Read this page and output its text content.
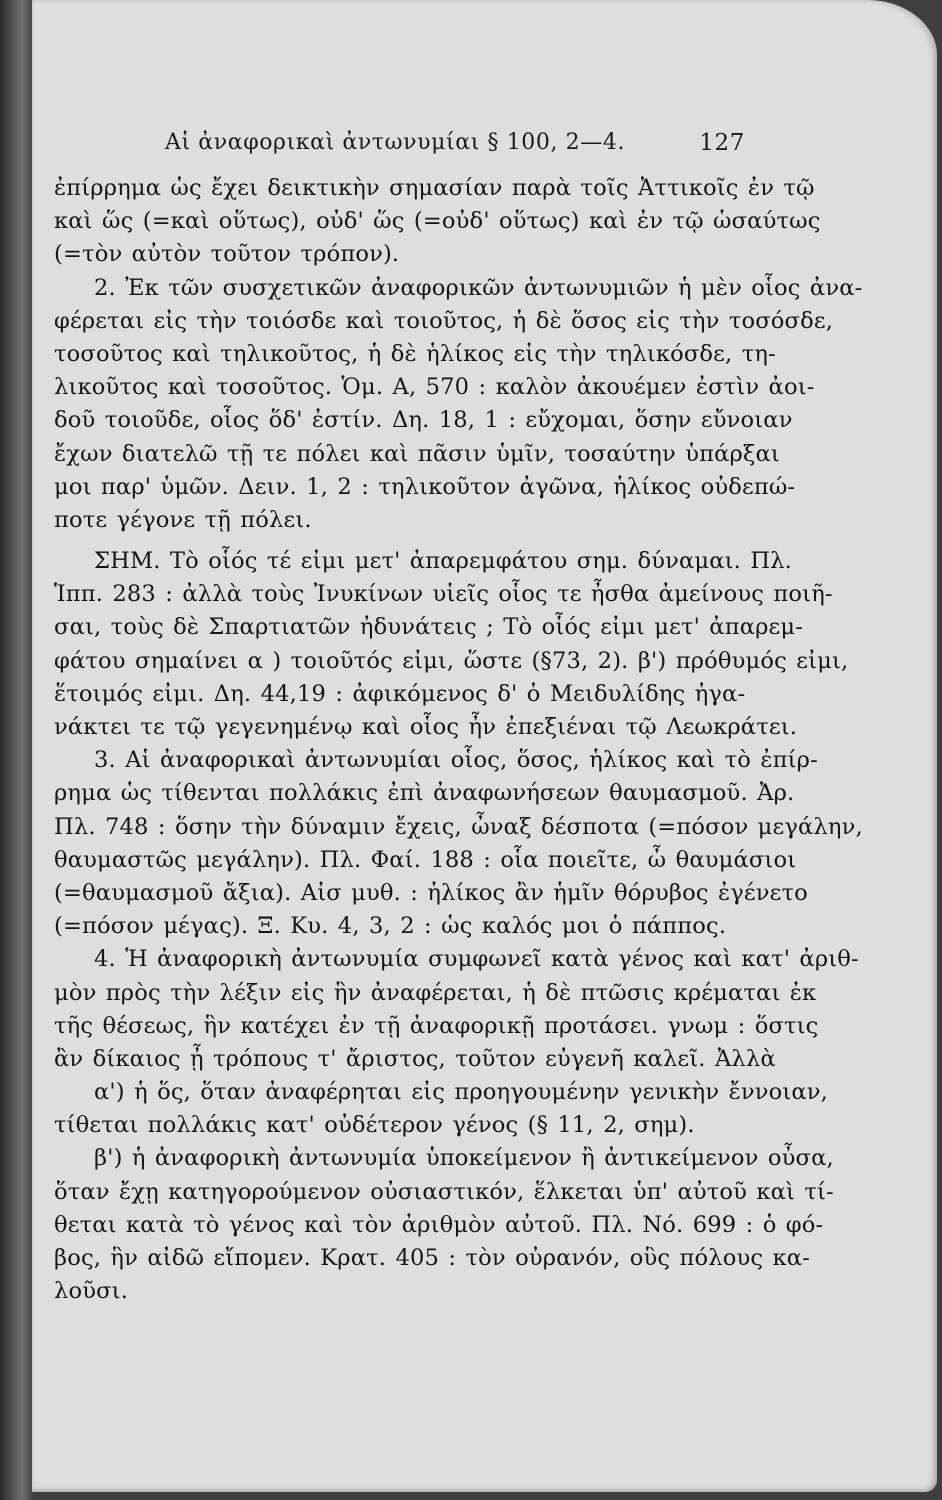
Αἱ ἀναφορικαὶ ἀντωνυμίαι § 100, 2—4.	127
ἐπίρρημα ὡς ἔχει δεικτικὴν σημασίαν παρὰ τοῖς Ἀττικοῖς ἐν τῷ
καὶ ὥς (=καὶ οὕτως), οὐδ' ὥς (=οὐδ' οὕτως) καὶ ἐν τῷ ὡσαύτως
(=τὸν αὐτὸν τοῦτον τρόπον).
2. Ἐκ τῶν συσχετικῶν ἀναφορικῶν ἀντωνυμιῶν ἡ μὲν οἷος ἀνα-
φέρεται εἰς τὴν τοιόσδε καὶ τοιοῦτος, ἡ δὲ ὅσος εἰς τὴν τοσόσδε,
τοσοῦτος καὶ τηλικοῦτος, ἡ δὲ ἡλίκος εἰς τὴν τηλικόσδε, τη-
λικοῦτος καὶ τοσοῦτος. Ὁμ. Α, 570 : καλὸν ἀκουέμεν ἐστὶν ἀοι-
δοῦ τοιοῦδε, οἷος ὅδ' ἐστίν. Δη. 18, 1 : εὔχομαι, ὅσην εὔνοιαν
ἔχων διατελῶ τῇ τε πόλει καὶ πᾶσιν ὑμῖν, τοσαύτην ὑπάρξαι
μοι παρ' ὑμῶν. Δειν. 1, 2 : τηλικοῦτον ἀγῶνα, ἡλίκος οὐδεπώ-
ποτε γέγονε τῇ πόλει.
ΣΗΜ. Τὸ οἷός τέ εἰμι μετ' ἀπαρεμφάτου σημ. δύναμαι. Πλ.
Ἱππ. 283 : ἀλλὰ τοὺς Ἰνυκίνων υἱεῖς οἷος τε ἦσθα ἀμείνους ποιῆ-
σαι, τοὺς δὲ Σπαρτιατῶν ἠδυνάτεις ; Τὸ οἷός εἰμι μετ' ἀπαρεμ-
φάτου σημαίνει α ) τοιοῦτός εἰμι, ὥστε (§73, 2). β') πρόθυμός εἰμι,
ἕτοιμός εἰμι. Δη. 44,19 : ἀφικόμενος δ' ὁ Μειδυλίδης ἠγα-
νάκτει τε τῷ γεγενημένῳ καὶ οἷος ἦν ἐπεξιέναι τῷ Λεωκράτει.
3. Αἱ ἀναφορικαὶ ἀντωνυμίαι οἷος, ὅσος, ἡλίκος καὶ τὸ ἐπίρ-
ρημα ὡς τίθενται πολλάκις ἐπὶ ἀναφωνήσεων θαυμασμοῦ. Ἀρ.
Πλ. 748 : ὅσην τὴν δύναμιν ἔχεις, ὦναξ δέσποτα (=πόσον μεγάλην,
θαυμαστῶς μεγάλην). Πλ. Φαί. 188 : οἷα ποιεῖτε, ὦ θαυμάσιοι
(=θαυμασμοῦ ἄξια). Αἰσ μυθ. : ἡλίκος ἂν ἡμῖν θόρυβος ἐγένετο
(=πόσον μέγας). Ξ. Κυ. 4, 3, 2 : ὡς καλός μοι ὁ πάππος.
4. Ἡ ἀναφορικὴ ἀντωνυμία συμφωνεῖ κατὰ γένος καὶ κατ' ἀριθ-
μὸν πρὸς τὴν λέξιν εἰς ἣν ἀναφέρεται, ἡ δὲ πτῶσις κρέμαται ἐκ
τῆς θέσεως, ἣν κατέχει ἐν τῇ ἀναφορικῇ προτάσει. γνωμ : ὅστις
ἂν δίκαιος ᾖ τρόπους τ' ἄριστος, τοῦτον εὐγενῆ καλεῖ. Ἀλλὰ
α') ἡ ὅς, ὅταν ἀναφέρηται εἰς προηγουμένην γενικὴν ἔννοιαν,
τίθεται πολλάκις κατ' οὐδέτερον γένος (§ 11, 2, σημ).
β') ἡ ἀναφορικὴ ἀντωνυμία ὑποκείμενον ἢ ἀντικείμενον οὖσα,
ὅταν ἔχῃ κατηγορούμενον οὐσιαστικόν, ἕλκεται ὑπ' αὐτοῦ καὶ τί-
θεται κατὰ τὸ γένος καὶ τὸν ἀριθμὸν αὐτοῦ. Πλ. Νό. 699 : ὁ φό-
βος, ἣν αἰδῶ εἴπομεν. Κρατ. 405 : τὸν οὐρανόν, οὓς πόλους κα-
λοῦσι.
